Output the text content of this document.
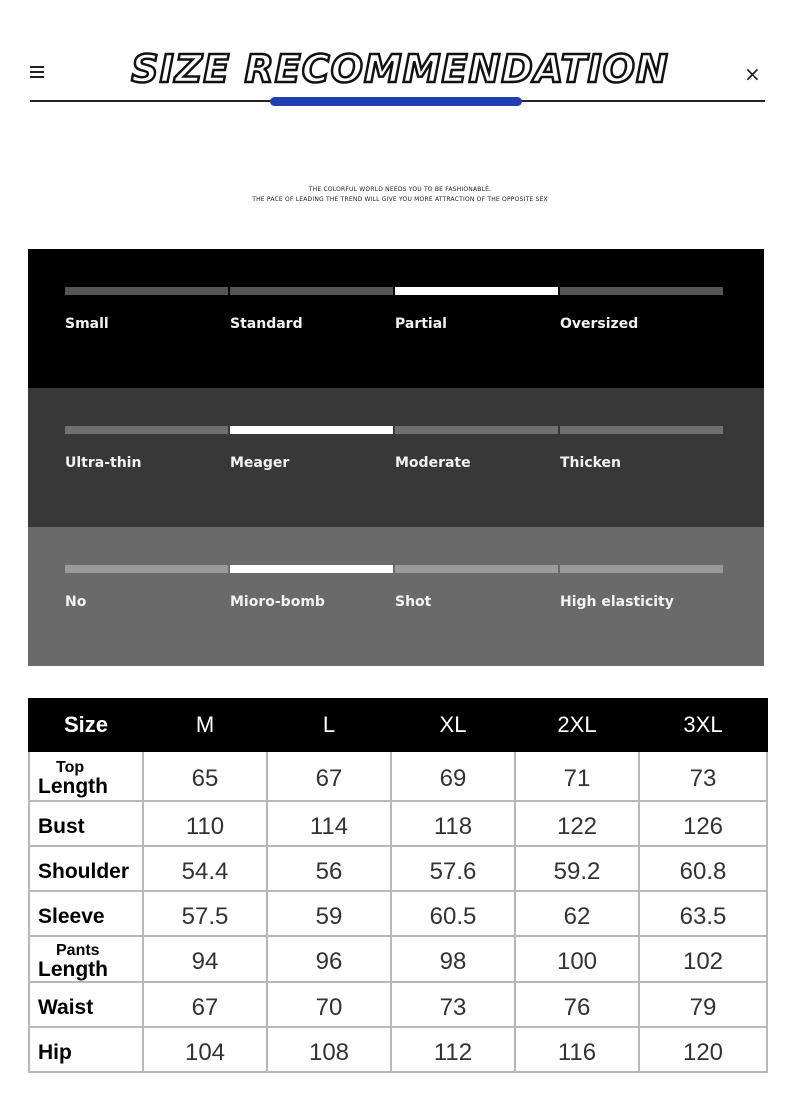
SIZE RECOMMENDATION	×
THE COLORFUL WORLD NEEDS YOU TO BE FASHIONABLE.
THE PACE OF LEADING THE TREND WILL GIVE YOU MORE ATTRACTION OF THE OPPOSITE SEX
Small	Standard	Partial	Oversized
Ultra-thin	Meager	Moderate	Thicken
No	Mioro-bomb	Shot	High elasticity
Size	M	L	XL	2XL	3XL

Top
Length	65	67	69	71	73
Bust	110	114	118	122	126
Shoulder	54.4	56	57.6	59.2	60.8
Sleeve	57.5	59	60.5	62	63.5

Pants
Length	94	96	98	100	102
Waist	67	70	73	76	79
Hip	104	108	112	116	120
